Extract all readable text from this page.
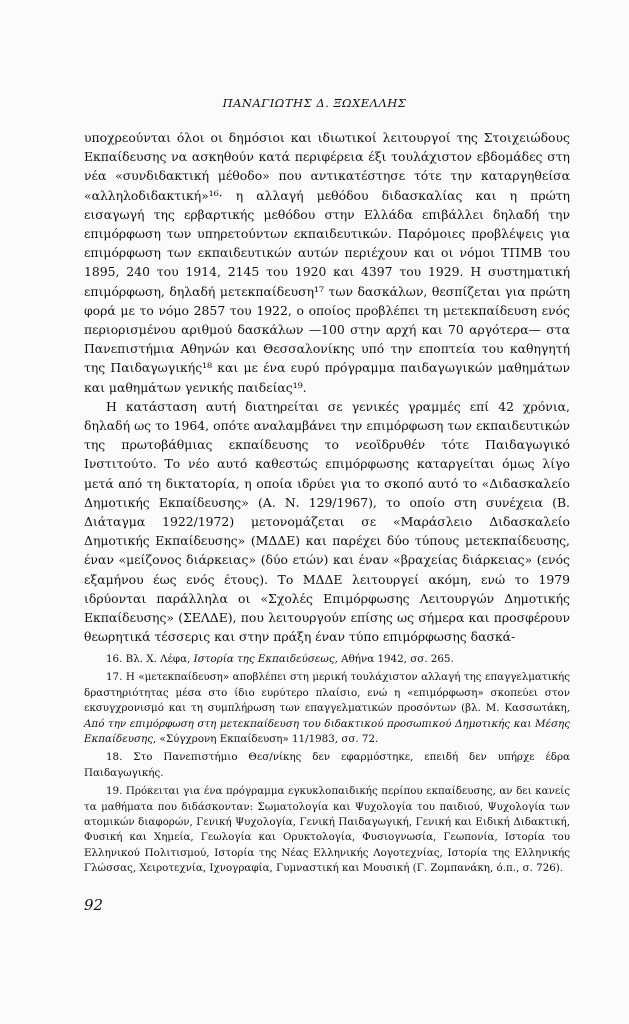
ΠΑΝΑΓΙΩΤΗΣ Δ. ΞΩΧΕΛΛΗΣ

υποχρεούνται όλοι οι δημόσιοι και ιδιωτικοί λειτουργοί της Στοιχειώδους Εκπαίδευσης να ασκηθούν κατά περιφέρεια έξι τουλάχιστον εβδομάδες στη νέα «συνδιδακτική μέθοδο» που αντικατέστησε τότε την καταργηθείσα «αλληλοδιδακτική»¹⁶· η αλλαγή μεθόδου διδασκαλίας και η πρώτη εισαγωγή της ερβαρτικής μεθόδου στην Ελλάδα επιβάλλει δηλαδή την επιμόρφωση των υπηρετούντων εκπαιδευτικών. Παρόμοιες προβλέψεις για επιμόρφωση των εκπαιδευτικών αυτών περιέχουν και οι νόμοι ΤΠΜΒ του 1895, 240 του 1914, 2145 του 1920 και 4397 του 1929. Η συστηματική επιμόρφωση, δηλαδή μετεκπαίδευση¹⁷ των δασκάλων, θεσπίζεται για πρώτη φορά με το νόμο 2857 του 1922, ο οποίος προβλέπει τη μετεκπαίδευση ενός περιορισμένου αριθμού δασκάλων —100 στην αρχή και 70 αργότερα— στα Πανεπιστήμια Αθηνών και Θεσσαλονίκης υπό την εποπτεία του καθηγητή της Παιδαγωγικής¹⁸ και με ένα ευρύ πρόγραμμα παιδαγωγικών μαθημάτων και μαθημάτων γενικής παιδείας¹⁹.

Η κατάσταση αυτή διατηρείται σε γενικές γραμμές επί 42 χρόνια, δηλαδή ως το 1964, οπότε αναλαμβάνει την επιμόρφωση των εκπαιδευτικών της πρωτοβάθμιας εκπαίδευσης το νεοϊδρυθέν τότε Παιδαγωγικό Ινστιτούτο. Το νέο αυτό καθεστώς επιμόρφωσης καταργείται όμως λίγο μετά από τη δικτατορία, η οποία ιδρύει για το σκοπό αυτό το «Διδασκαλείο Δημοτικής Εκπαίδευσης» (Α. Ν. 129/1967), το οποίο στη συνέχεια (Β. Διάταγμα 1922/1972) μετονομάζεται σε «Μαράσλειο Διδασκαλείο Δημοτικής Εκπαίδευσης» (ΜΔΔΕ) και παρέχει δύο τύπους μετεκπαίδευσης, έναν «μείζονος διάρκειας» (δύο ετών) και έναν «βραχείας διάρκειας» (ενός εξαμήνου έως ενός έτους). Το ΜΔΔΕ λειτουργεί ακόμη, ενώ το 1979 ιδρύονται παράλληλα οι «Σχολές Επιμόρφωσης Λειτουργών Δημοτικής Εκπαίδευσης» (ΣΕΛΔΕ), που λειτουργούν επίσης ως σήμερα και προσφέρουν θεωρητικά τέσσερις και στην πράξη έναν τύπο επιμόρφωσης δασκά-

16. Βλ. Χ. Λέφα, Ιστορία της Εκπαιδεύσεως, Αθήνα 1942, σσ. 265.

17. Η «μετεκπαίδευση» αποβλέπει στη μερική τουλάχιστον αλλαγή της επαγγελματικής δραστηριότητας μέσα στο ίδιο ευρύτερο πλαίσιο, ενώ η «επιμόρφωση» σκοπεύει στον εκσυγχρονισμό και τη συμπλήρωση των επαγγελματικών προσόντων (βλ. Μ. Κασσωτάκη, Από την επιμόρφωση στη μετεκπαίδευση του διδακτικού προσωπικού Δημοτικής και Μέσης Εκπαίδευσης, «Σύγχρονη Εκπαίδευση» 11/1983, σσ. 72.

18. Στο Πανεπιστήμιο Θεσ/νίκης δεν εφαρμόστηκε, επειδή δεν υπήρχε έδρα Παιδαγωγικής.

19. Πρόκειται για ένα πρόγραμμα εγκυκλοπαιδικής περίπου εκπαίδευσης, αν δει κανείς τα μαθήματα που διδάσκονταν: Σωματολογία και Ψυχολογία του παιδιού, Ψυχολογία των ατομικών διαφορών, Γενική Ψυχολογία, Γενική Παιδαγωγική, Γενική και Ειδική Διδακτική, Φυσική και Χημεία, Γεωλογία και Ορυκτολογία, Φυσιογνωσία, Γεωπονία, Ιστορία του Ελληνικού Πολιτισμού, Ιστορία της Νέας Ελληνικής Λογοτεχνίας, Ιστορία της Ελληνικής Γλώσσας, Χειροτεχνία, Ιχνογραφία, Γυμναστική και Μουσική (Γ. Ζομπανάκη, ό.π., σ. 726).

92
